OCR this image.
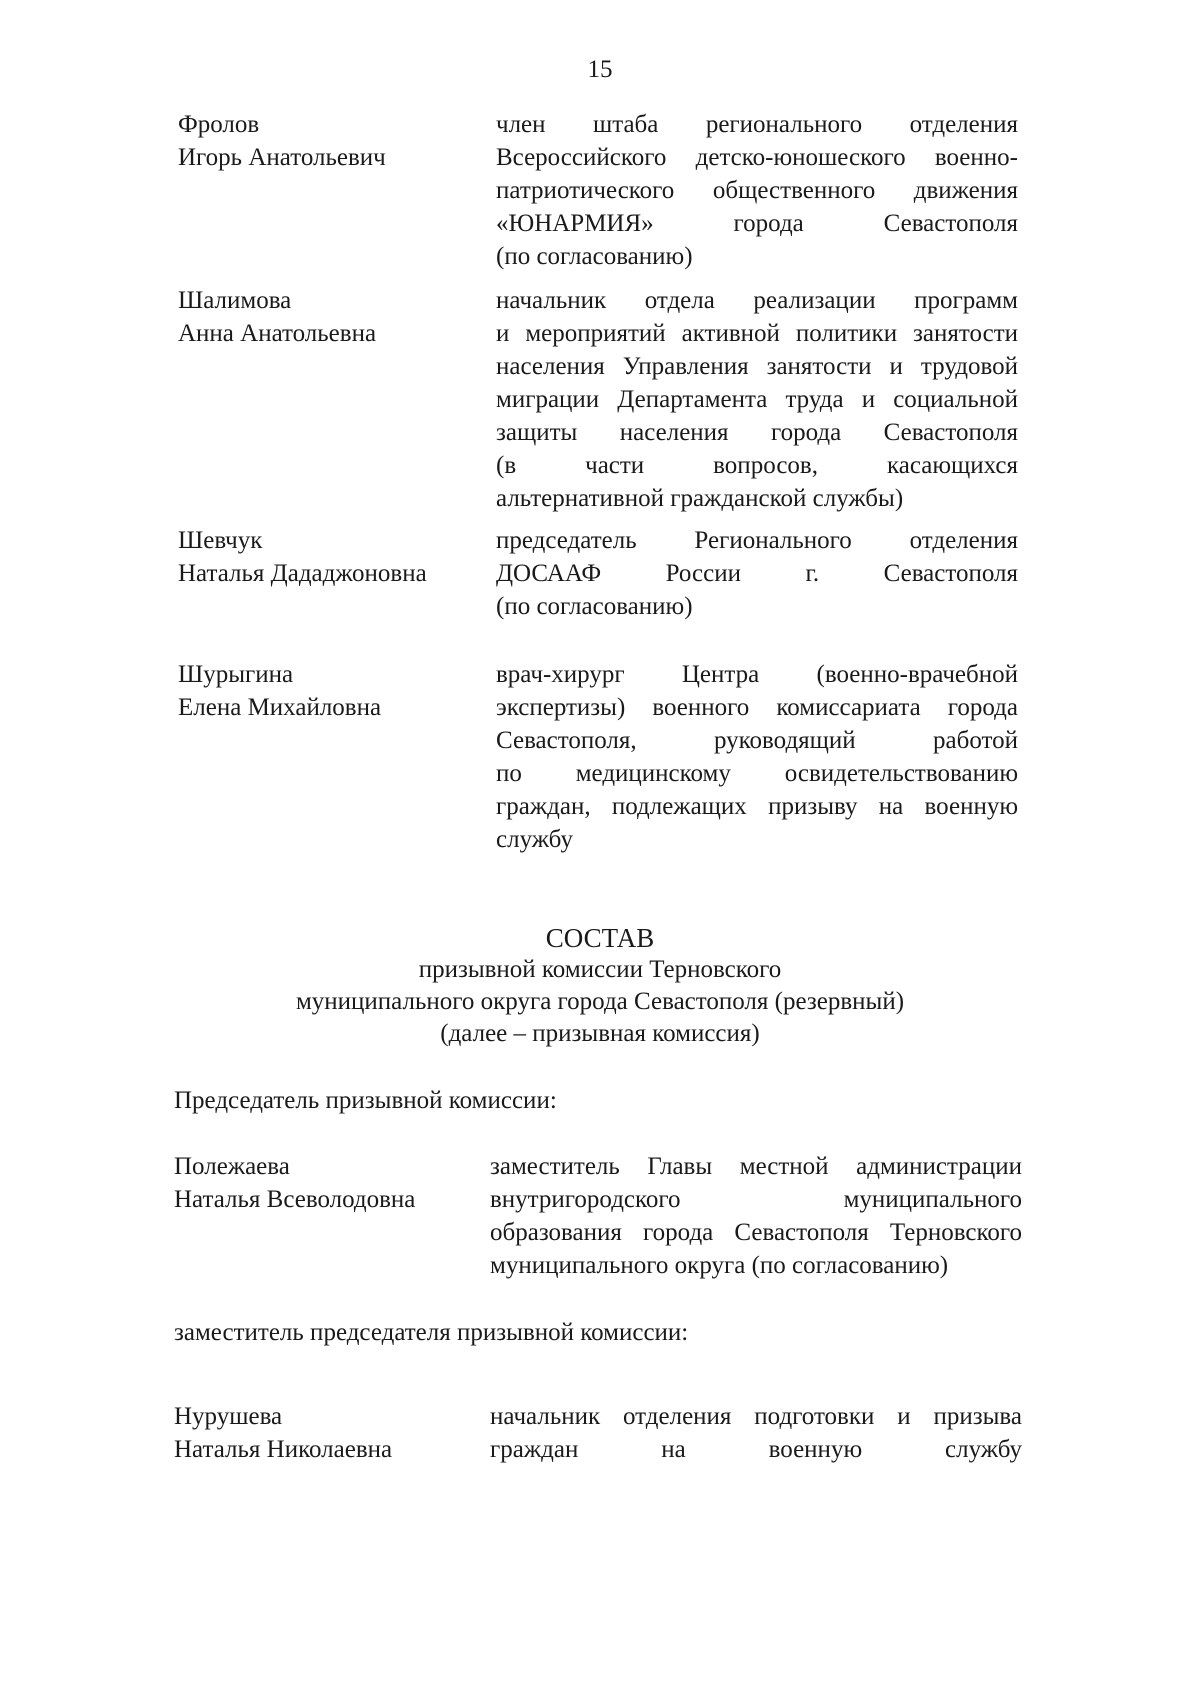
15
Фролов
Игорь Анатольевич
член штаба регионального отделения
Всероссийского детско-юношеского военно-
патриотического общественного движения
«ЮНАРМИЯ» города Севастополя
(по согласованию)
Шалимова
Анна Анатольевна
начальник отдела реализации программ
и мероприятий активной политики занятости
населения Управления занятости и трудовой
миграции Департамента труда и социальной
защиты населения города Севастополя
(в части вопросов, касающихся
альтернативной гражданской службы)
Шевчук
Наталья Дададжоновна
председатель Регионального отделения
ДОСААФ России г. Севастополя
(по согласованию)
Шурыгина
Елена Михайловна
врач-хирург Центра (военно-врачебной
экспертизы) военного комиссариата города
Севастополя, руководящий работой
по медицинскому освидетельствованию
граждан, подлежащих призыву на военную
службу
СОСТАВ
призывной комиссии Терновского
муниципального округа города Севастополя (резервный)
(далее – призывная комиссия)
Председатель призывной комиссии:
Полежаева
Наталья Всеволодовна
заместитель Главы местной администрации
внутригородского муниципального
образования города Севастополя Терновского
муниципального округа (по согласованию)
заместитель председателя призывной комиссии:
Нурушева
Наталья Николаевна
начальник отделения подготовки и призыва
граждан на военную службу
